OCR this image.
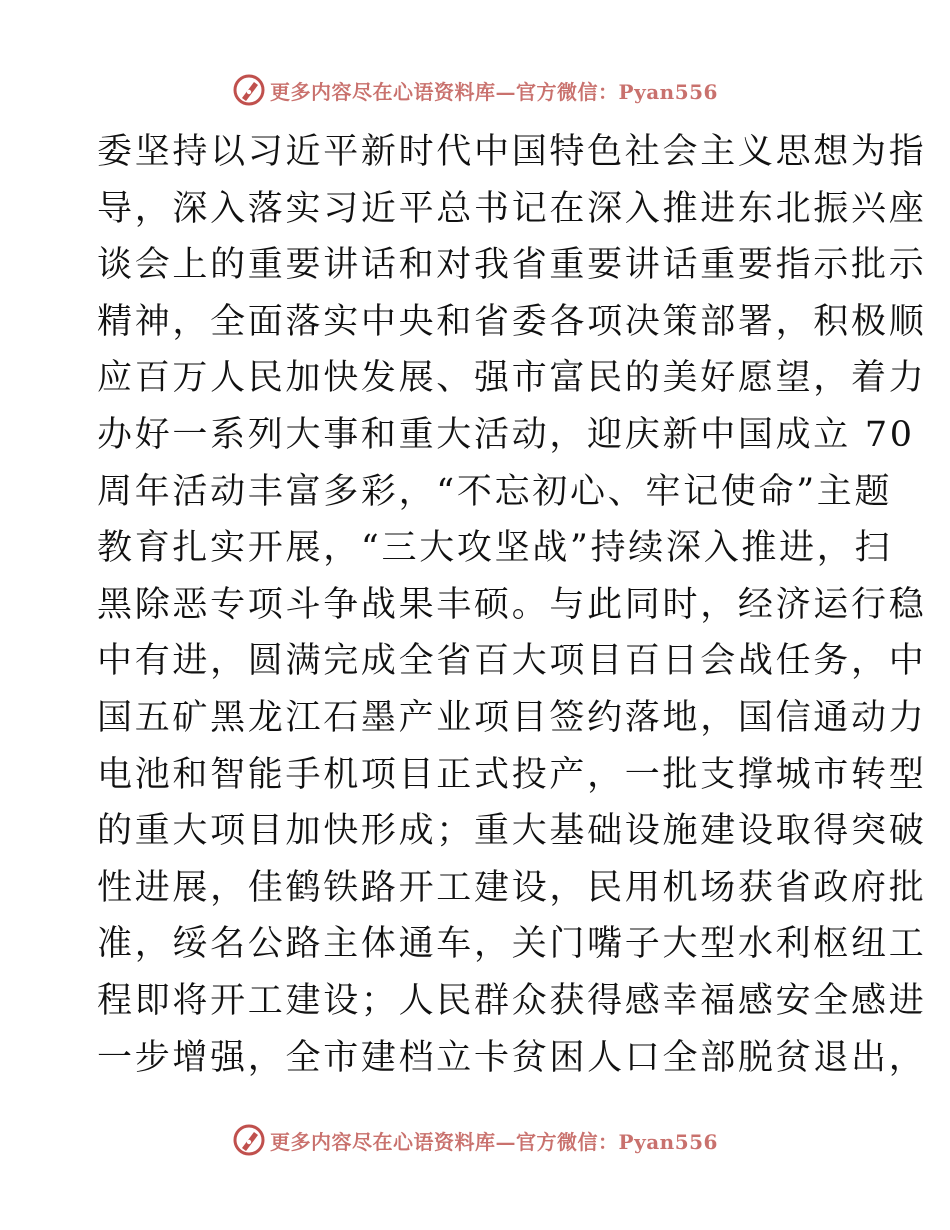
更多内容尽在心语资料库—官方微信：Pyan556
委坚持以习近平新时代中国特色社会主义思想为指
导，深入落实习近平总书记在深入推进东北振兴座
谈会上的重要讲话和对我省重要讲话重要指示批示
精神，全面落实中央和省委各项决策部署，积极顺
应百万人民加快发展、强市富民的美好愿望，着力
办好一系列大事和重大活动，迎庆新中国成立 70
周年活动丰富多彩，“不忘初心、牢记使命”主题
教育扎实开展，“三大攻坚战”持续深入推进，扫
黑除恶专项斗争战果丰硕。与此同时，经济运行稳
中有进，圆满完成全省百大项目百日会战任务，中
国五矿黑龙江石墨产业项目签约落地，国信通动力
电池和智能手机项目正式投产，一批支撑城市转型
的重大项目加快形成；重大基础设施建设取得突破
性进展，佳鹤铁路开工建设，民用机场获省政府批
准，绥名公路主体通车，关门嘴子大型水利枢纽工
程即将开工建设；人民群众获得感幸福感安全感进
一步增强，全市建档立卡贫困人口全部脱贫退出，
更多内容尽在心语资料库—官方微信：Pyan556
